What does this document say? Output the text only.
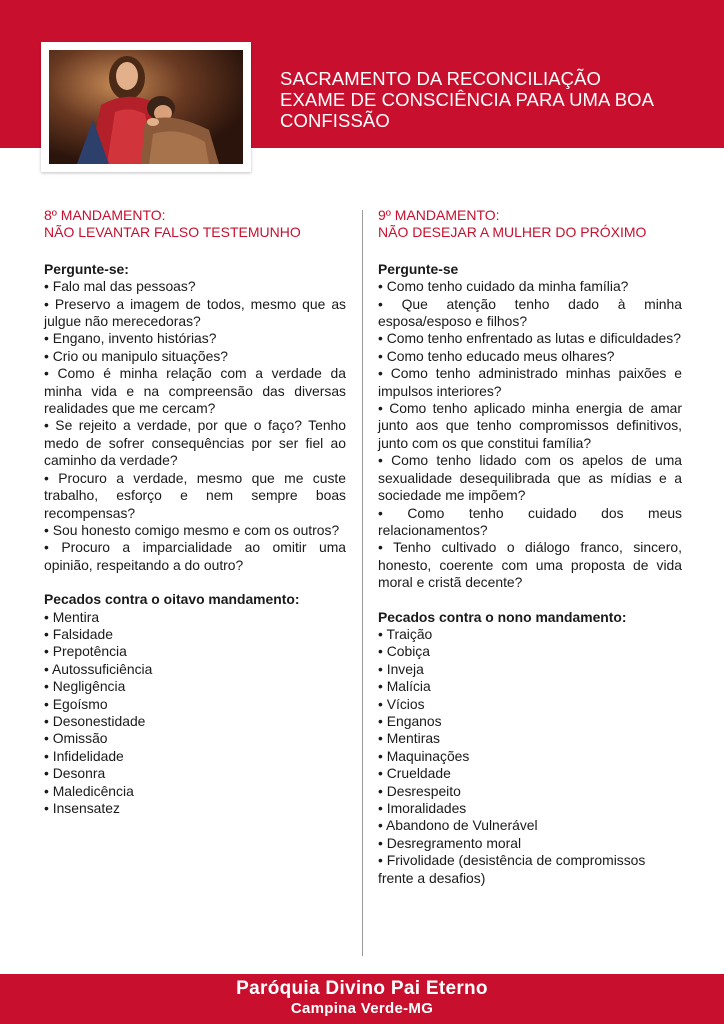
SACRAMENTO DA RECONCILIAÇÃO
EXAME DE CONSCIÊNCIA PARA UMA BOA
CONFISSÃO
8º MANDAMENTO:
NÃO LEVANTAR FALSO TESTEMUNHO
Pergunte-se:
• Falo mal das pessoas?
• Preservo a imagem de todos, mesmo que as julgue não merecedoras?
• Engano, invento histórias?
• Crio ou manipulo situações?
• Como é minha relação com a verdade da minha vida e na compreensão das diversas realidades que me cercam?
• Se rejeito a verdade, por que o faço? Tenho medo de sofrer consequências por ser fiel ao caminho da verdade?
• Procuro a verdade, mesmo que me custe trabalho, esforço e nem sempre boas recompensas?
• Sou honesto comigo mesmo e com os outros?
• Procuro a imparcialidade ao omitir uma opinião, respeitando a do outro?
Pecados contra o oitavo mandamento:
• Mentira
• Falsidade
• Prepotência
• Autossuficiência
• Negligência
• Egoísmo
• Desonestidade
• Omissão
• Infidelidade
• Desonra
• Maledicência
• Insensatez
9º MANDAMENTO:
NÃO DESEJAR A MULHER DO PRÓXIMO
Pergunte-se
• Como tenho cuidado da minha família?
• Que atenção tenho dado à minha esposa/esposo e filhos?
• Como tenho enfrentado as lutas e dificuldades?
• Como tenho educado meus olhares?
• Como tenho administrado minhas paixões e impulsos interiores?
• Como tenho aplicado minha energia de amar junto aos que tenho compromissos definitivos, junto com os que constitui família?
• Como tenho lidado com os apelos de uma sexualidade desequilibrada que as mídias e a sociedade me impõem?
• Como tenho cuidado dos meus relacionamentos?
• Tenho cultivado o diálogo franco, sincero, honesto, coerente com uma proposta de vida moral e cristã decente?
Pecados contra o nono mandamento:
• Traição
• Cobiça
• Inveja
• Malícia
• Vícios
• Enganos
• Mentiras
• Maquinações
• Crueldade
• Desrespeito
• Imoralidades
• Abandono de Vulnerável
• Desregramento moral
• Frivolidade (desistência de compromissos frente a desafios)
Paróquia Divino Pai Eterno
Campina Verde-MG
